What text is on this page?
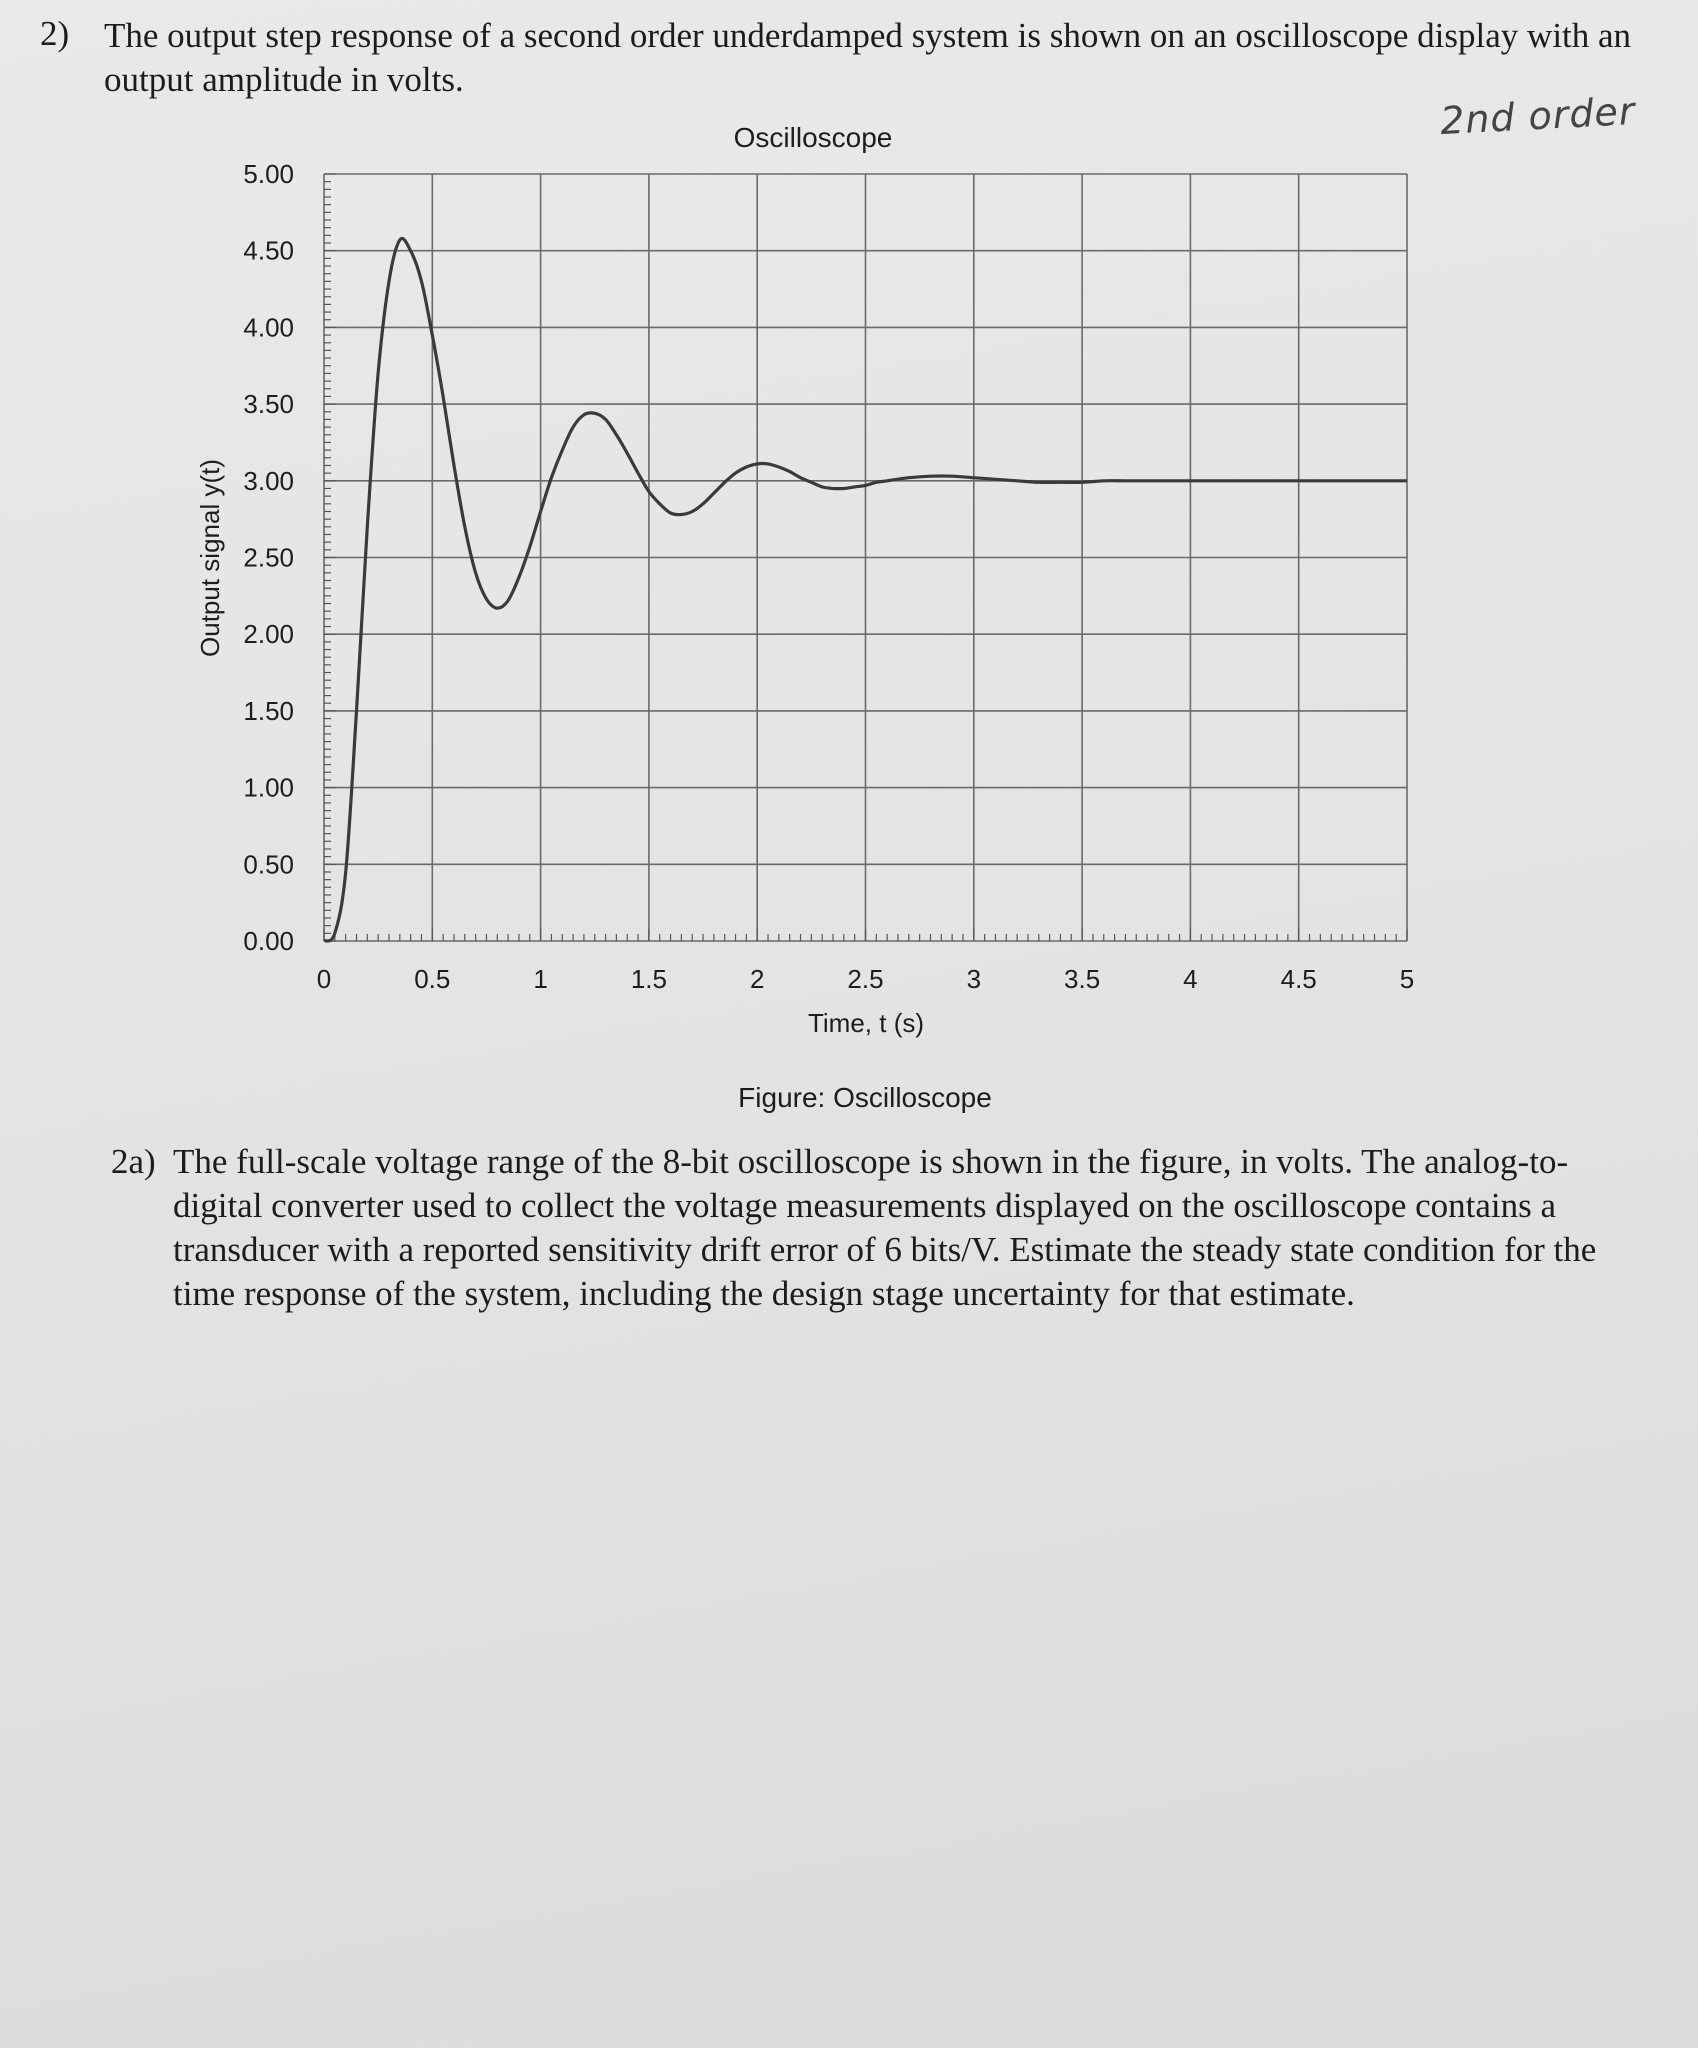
2) The output step response of a second order underdamped system is shown on an oscilloscope display with an output amplitude in volts.
2nd order
Oscilloscope
0.00
0.50
1.00
1.50
2.00
2.50
3.00
3.50
4.00
4.50
5.00
0	0.5	1	1.5	2	2.5	3	3.5	4	4.5	5
Time, t (s)
Output signal y(t)
Figure: Oscilloscope
2a) The full-scale voltage range of the 8-bit oscilloscope is shown in the figure, in volts. The analog-to-digital converter used to collect the voltage measurements displayed on the oscilloscope contains a transducer with a reported sensitivity drift error of 6 bits/V. Estimate the steady state condition for the time response of the system, including the design stage uncertainty for that estimate.
